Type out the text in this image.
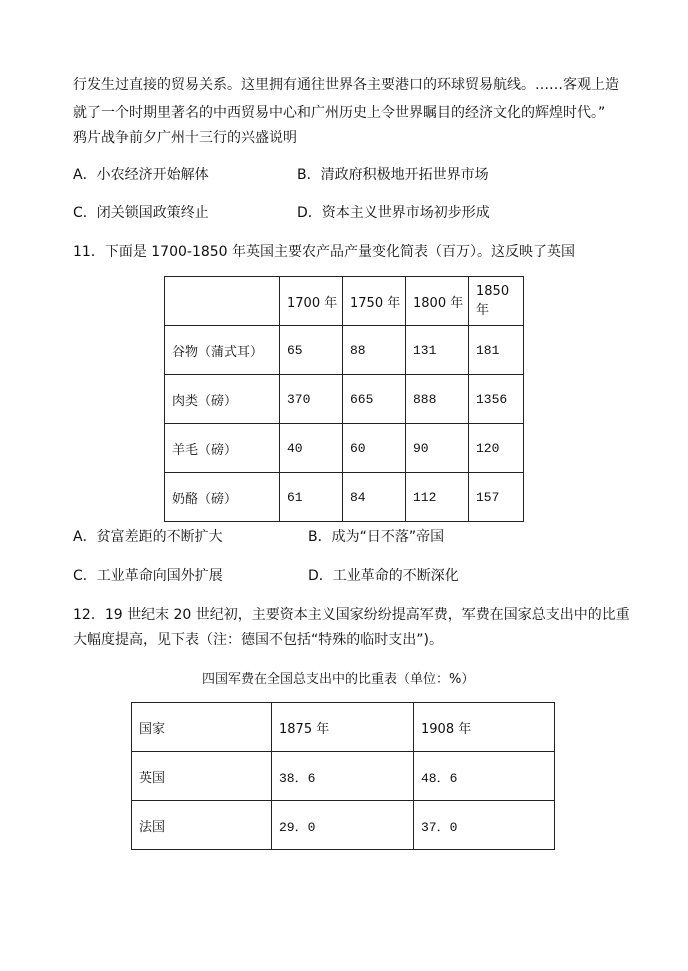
行发生过直接的贸易关系。这里拥有通往世界各主要港口的环球贸易航线。……客观上造
就了一个时期里著名的中西贸易中心和广州历史上令世界瞩目的经济文化的辉煌时代。”
鸦片战争前夕广州十三行的兴盛说明
A．小农经济开始解体	B．清政府积极地开拓世界市场
C．闭关锁国政策终止	D．资本主义世界市场初步形成
11．下面是 1700-1850 年英国主要农产品产量变化简表（百万）。这反映了英国
	1700 年	1750 年	1800 年	1850 年
谷物（蒲式耳）	65	88	131	181
肉类（磅）	370	665	888	1356
羊毛（磅）	40	60	90	120
奶酪（磅）	61	84	112	157
A．贫富差距的不断扩大	B．成为“日不落”帝国
C．工业革命向国外扩展	D．工业革命的不断深化
12．19 世纪末 20 世纪初，主要资本主义国家纷纷提高军费，军费在国家总支出中的比重
大幅度提高，见下表（注：德国不包括“特殊的临时支出”)。
四国军费在全国总支出中的比重表（单位：%）
国家	1875 年	1908 年
英国	38．6	48．6
法国	29．0	37．0
